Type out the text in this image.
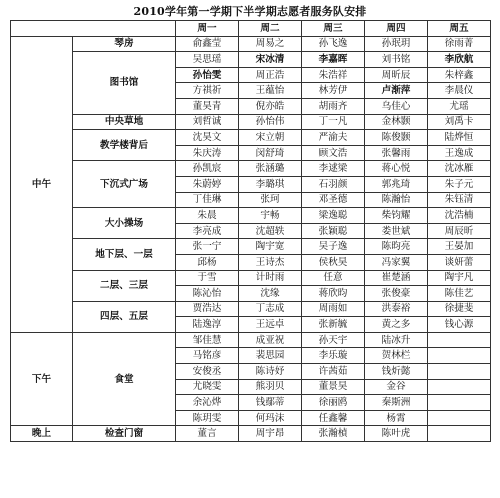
2010学年第一学期下半学期志愿者服务队安排
		周一	周二	周三	周四	周五
中午	琴房	俞鑫莹	周易之	孙飞逸	孙珉玥	徐雨菁
	图书馆	吴思瑶	宋冰清	李嘉晖	刘书铭	李欣航
		孙怡雯	周正浩	朱浩祥	周昕辰	朱梓鑫
		方祺祈	王蕴怡	林芳伊	卢渐萍	李晨仪
		董昊青	倪亦皓	胡雨齐	乌佳心	尤瑶
	中央草地	刘哲诚	孙怡伟	丁一凡	金林颢	刘禹卡
	教学楼背后	沈昊文	宋立朝	严渝夫	陈俊颢	陆烨恒
		朱庆涛	闵舒琦	顾文浩	张馨雨	王逸成
	下沉式广场	孙凯宸	张涵璐	李逑梁	蒋心悦	沈冰雁
		朱蔚婷	李璐琪	石羽颜	郭兆琦	朱子元
		丁佳琳	张珂	邓圣德	陈瀚怡	朱钰清
	大小操场	朱晨	宇畅	梁逸聪	柴钧耀	沈浩楠
		李亮成	沈超轶	张颖聪	娄世斌	周辰昕
	地下层、一层	张一宁	陶宇宽	吴子逸	陈昀亮	王晏加
		邱杨	王诗杰	侯秋昊	冯家翼	谈妍蕾
	二层、三层	于雪	计时雨	任意	崔楚涵	陶宇凡
		陈沁怡	沈缘	蒋欣昀	张俊豪	陈佳艺
	四层、五层	贾浩达	丁志成	周雨如	洪泰裕	徐捷斐
		陆逸淳	王远卓	张新毓	黄之多	钱心源
下午	食堂	邹佳慧	成亚祝	孙天宇	陆冰升	
		马铭彦	裴思园	李乐璇	贺林栏	
		安俊丞	陈诗妤	许茜茹	钱炘懿	
		尤晓雯	熊羽贝	董景昊	金谷	
		余沁烨	钱鄢蒂	徐丽鸥	秦斯洲	
		陈玥雯	何玛沫	任鑫馨	杨霄	
晚上	检查门窗	董言	周宇昂	张瀚楨	陈叶虎	
